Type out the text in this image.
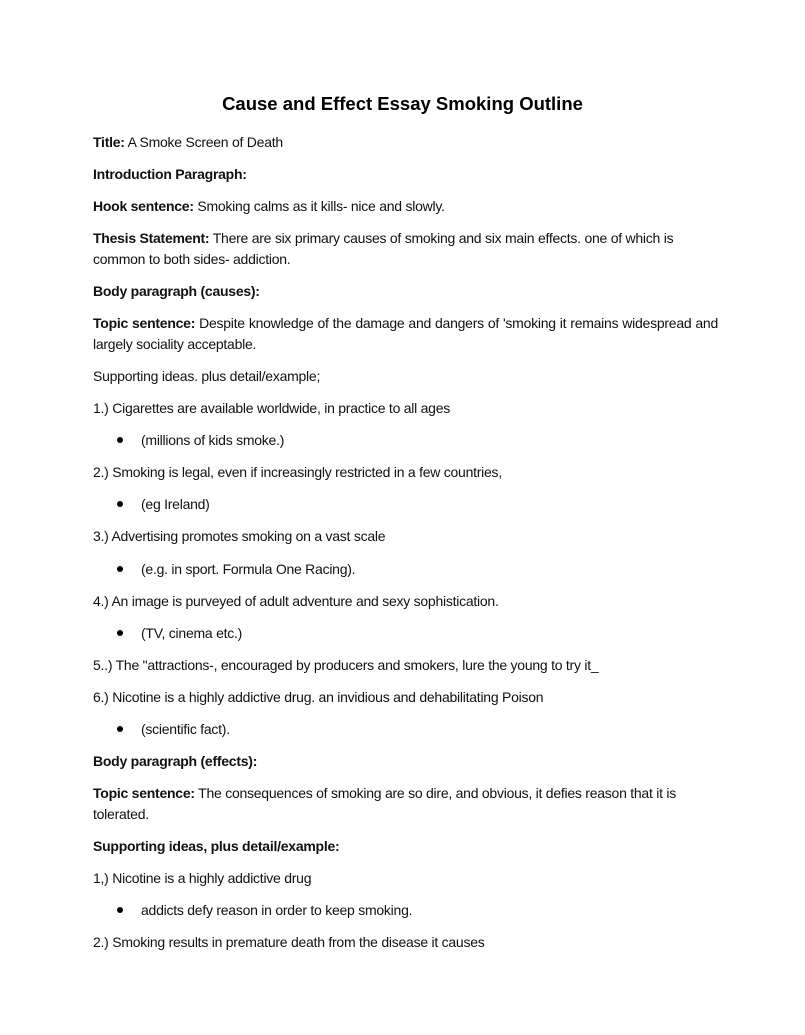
Cause and Effect Essay Smoking Outline
Title: A Smoke Screen of Death
Introduction Paragraph:
Hook sentence: Smoking calms as it kills- nice and slowly.
Thesis Statement: There are six primary causes of smoking and six main effects. one of which is common to both sides- addiction.
Body paragraph (causes):
Topic sentence: Despite knowledge of the damage and dangers of 'smoking it remains widespread and largely sociality acceptable.
Supporting ideas. plus detail/example;
1.) Cigarettes are available worldwide, in practice to all ages
(millions of kids smoke.)
2.) Smoking is legal, even if increasingly restricted in a few countries,
(eg Ireland)
3.) Advertising promotes smoking on a vast scale
(e.g. in sport. Formula One Racing).
4.) An image is purveyed of adult adventure and sexy sophistication.
(TV, cinema etc.)
5..) The "attractions-, encouraged by producers and smokers, lure the young to try it_
6.) Nicotine is a highly addictive drug. an invidious and dehabilitating Poison
(scientific fact).
Body paragraph (effects):
Topic sentence: The consequences of smoking are so dire, and obvious, it defies reason that it is tolerated.
Supporting ideas, plus detail/example:
1,) Nicotine is a highly addictive drug
addicts defy reason in order to keep smoking.
2.) Smoking results in premature death from the disease it causes
